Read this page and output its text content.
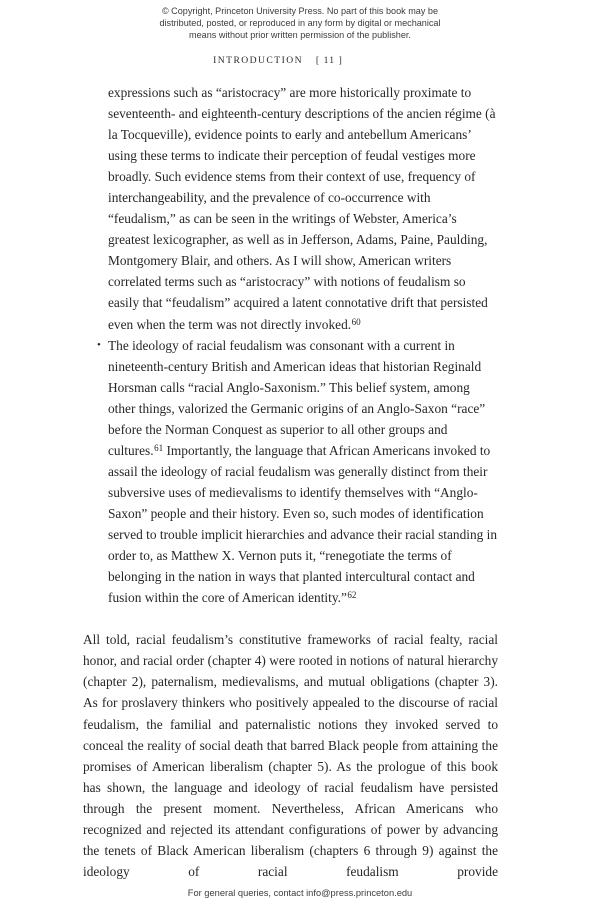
© Copyright, Princeton University Press. No part of this book may be
distributed, posted, or reproduced in any form by digital or mechanical
means without prior written permission of the publisher.
INTRODUCTION [ 11 ]

expressions such as “aristocracy” are more historically proximate to seventeenth- and eighteenth-century descriptions of the ancien régime (à la Tocqueville), evidence points to early and antebellum Americans’ using these terms to indicate their perception of feudal vestiges more broadly. Such evidence stems from their context of use, frequency of interchangeability, and the prevalence of co-occurrence with “feudalism,” as can be seen in the writings of Webster, America’s greatest lexicographer, as well as in Jefferson, Adams, Paine, Paulding, Montgomery Blair, and others. As I will show, American writers correlated terms such as “aristocracy” with notions of feudalism so easily that “feudalism” acquired a latent connotative drift that persisted even when the term was not directly invoked.$^{60}$

• The ideology of racial feudalism was consonant with a current in nineteenth-century British and American ideas that historian Reginald Horsman calls “racial Anglo-Saxonism.” This belief system, among other things, valorized the Germanic origins of an Anglo-Saxon “race” before the Norman Conquest as superior to all other groups and cultures.$^{61}$ Importantly, the language that African Americans invoked to assail the ideology of racial feudalism was generally distinct from their subversive uses of medievalisms to identify themselves with “Anglo-Saxon” people and their history. Even so, such modes of identification served to trouble implicit hierarchies and advance their racial standing in order to, as Matthew X. Vernon puts it, “renegotiate the terms of belonging in the nation in ways that planted intercultural contact and fusion within the core of American identity.”$^{62}$

All told, racial feudalism’s constitutive frameworks of racial fealty, racial honor, and racial order (chapter 4) were rooted in notions of natural hierarchy (chapter 2), paternalism, medievalisms, and mutual obligations (chapter 3). As for proslavery thinkers who positively appealed to the discourse of racial feudalism, the familial and paternalistic notions they invoked served to conceal the reality of social death that barred Black people from attaining the promises of American liberalism (chapter 5). As the prologue of this book has shown, the language and ideology of racial feudalism have persisted through the present moment. Nevertheless, African Americans who recognized and rejected its attendant configurations of power by advancing the tenets of Black American liberalism (chapters 6 through 9) against the ideology of racial feudalism provide

For general queries, contact info@press.princeton.edu
